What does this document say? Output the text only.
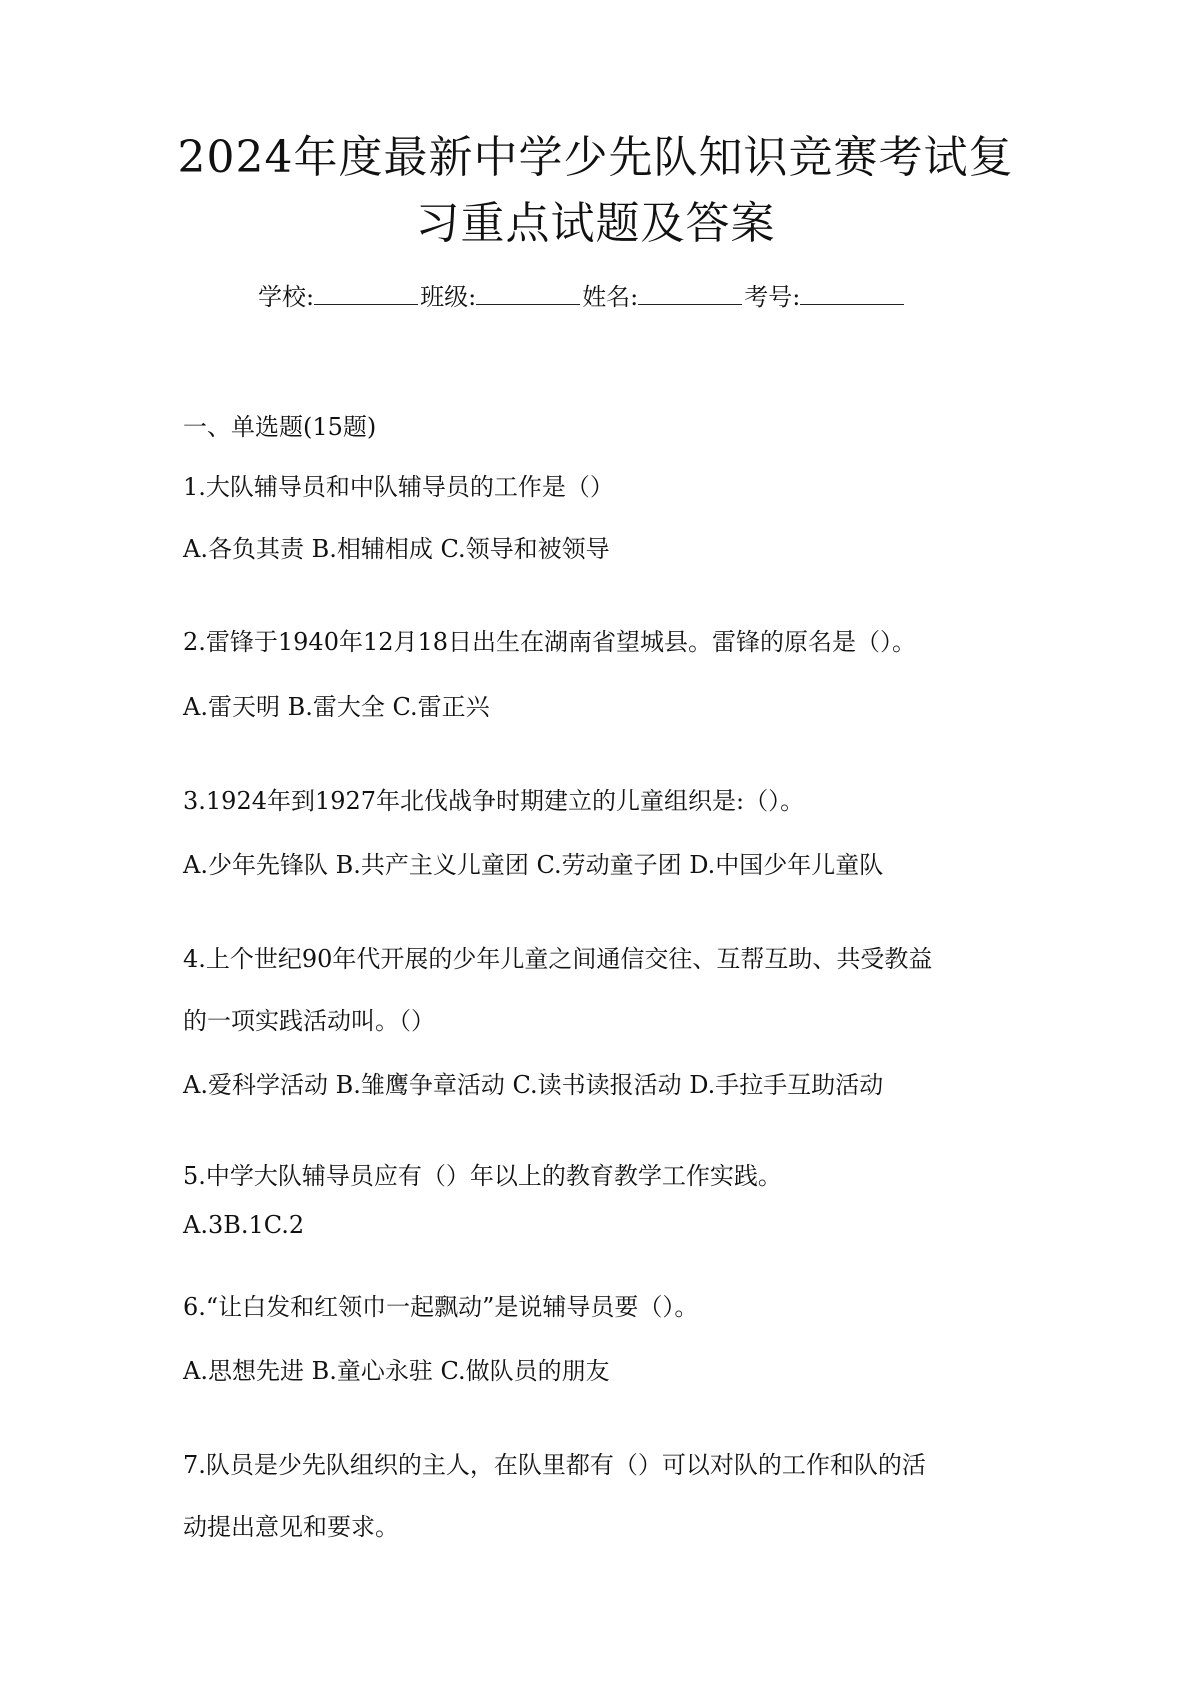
2024年度最新中学少先队知识竞赛考试复
习重点试题及答案
学校:	班级:	姓名:	考号:

一、单选题(15题)

1.大队辅导员和中队辅导员的工作是（）

A.各负其责 B.相辅相成 C.领导和被领导

2.雷锋于1940年12月18日出生在湖南省望城县。雷锋的原名是（）。

A.雷天明 B.雷大全 C.雷正兴

3.1924年到1927年北伐战争时期建立的儿童组织是:（）。

A.少年先锋队 B.共产主义儿童团 C.劳动童子团 D.中国少年儿童队

4.上个世纪90年代开展的少年儿童之间通信交往、互帮互助、共受教益

的一项实践活动叫。（）

A.爱科学活动 B.雏鹰争章活动 C.读书读报活动 D.手拉手互助活动

5.中学大队辅导员应有（）年以上的教育教学工作实践。

A.3B.1C.2

6.“让白发和红领巾一起飘动”是说辅导员要（）。

A.思想先进 B.童心永驻 C.做队员的朋友

7.队员是少先队组织的主人，在队里都有（）可以对队的工作和队的活

动提出意见和要求。
